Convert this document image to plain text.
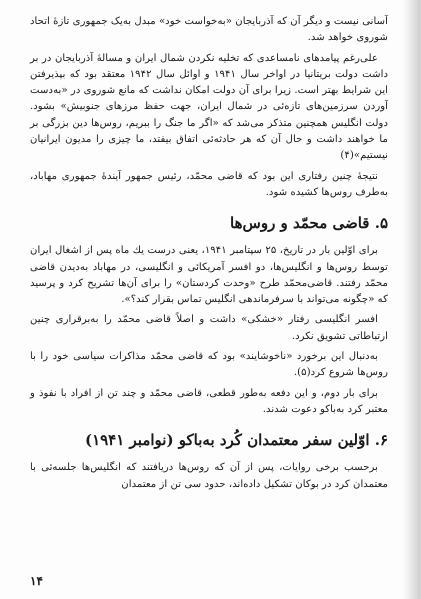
آسانی نیست و دیگر آن که آذربایجان «به‌خواست خود» مبدل به‌یک جمهوری تازهٔ اتحاد شوروی خواهد شد.

علی‌رغم پیامدهای نامساعدی که تخلیه نکردن شمال ایران و مسالهٔ آذربایجان در بر داشت دولت بریتانیا در اواخر سال ۱۹۴۱ و اوائل سال ۱۹۴۲ معتقد بود که بپذیرفتن این شرایط بهتر است. زیرا برای آن دولت امکان نداشت که مانع شوروی در «به‌دست آوردن سرزمین‌های تازه‌ئی در شمال ایران، جهت حفظ مرزهای جنوبیش» بشود. دولت انگلیس همچنین متذکر می‌شد که «اگر ما جنگ را ببریم، روس‌ها دین بزرگی بر ما خواهند داشت و حال آن که هر حادثه‌ئی اتفاق بیفتد، ما چیزی را مدیون ایرانیان نیستیم»(۴)

نتیجهٔ چنین رفتاری این بود که قاضی محمّد، رئیس جمهور آیندهٔ جمهوری مهاباد، به‌طرف روس‌ها کشیده شود.

۵. قاضی محمّد و روس‌ها

برای اوّلین بار در تاریخ، ۲۵ سپتامبر ۱۹۴۱، یعنی درست یك ماه پس از اشغال ایران توسط روس‌ها و انگلیس‌ها، دو افسر آمریکائی و انگلیسی، در مهاباد به‌دیدن قاضی محمّد رفتند. قاضی‌محمّد طرح «وحدت کردستان» را برای آن‌ها تشریح کرد و پرسید که «چگونه می‌تواند با سرفرماندهی انگلیس تماس بقرار کند؟».

افسر انگلیسی رفتار «خشکی» داشت و اصلاً قاضی محمّد را به‌برقراری چنین ارتباطاتی تشویق نکرد.

به‌دنبال این برخورد «ناخوشایند» بود که قاضی محمّد مذاکرات سیاسی خود را با روس‌ها شروع کرد(۵).

برای بار دوم، و این دفعه به‌طور قطعی، قاضی محمّد و چند تن از افراد با نفوذ و معتبر کرد به‌باکو دعوت شدند.

۶. اوّلین سفر معتمدان کُرد به‌باکو (نوامبر ۱۹۴۱)

برحسب برخی روایات، پس از آن که روس‌ها دریافتند که انگلیس‌ها جلسه‌ئی با معتمدان کرد در بوکان تشکیل داده‌اند، حدود سی تن از معتمدان

۱۴
